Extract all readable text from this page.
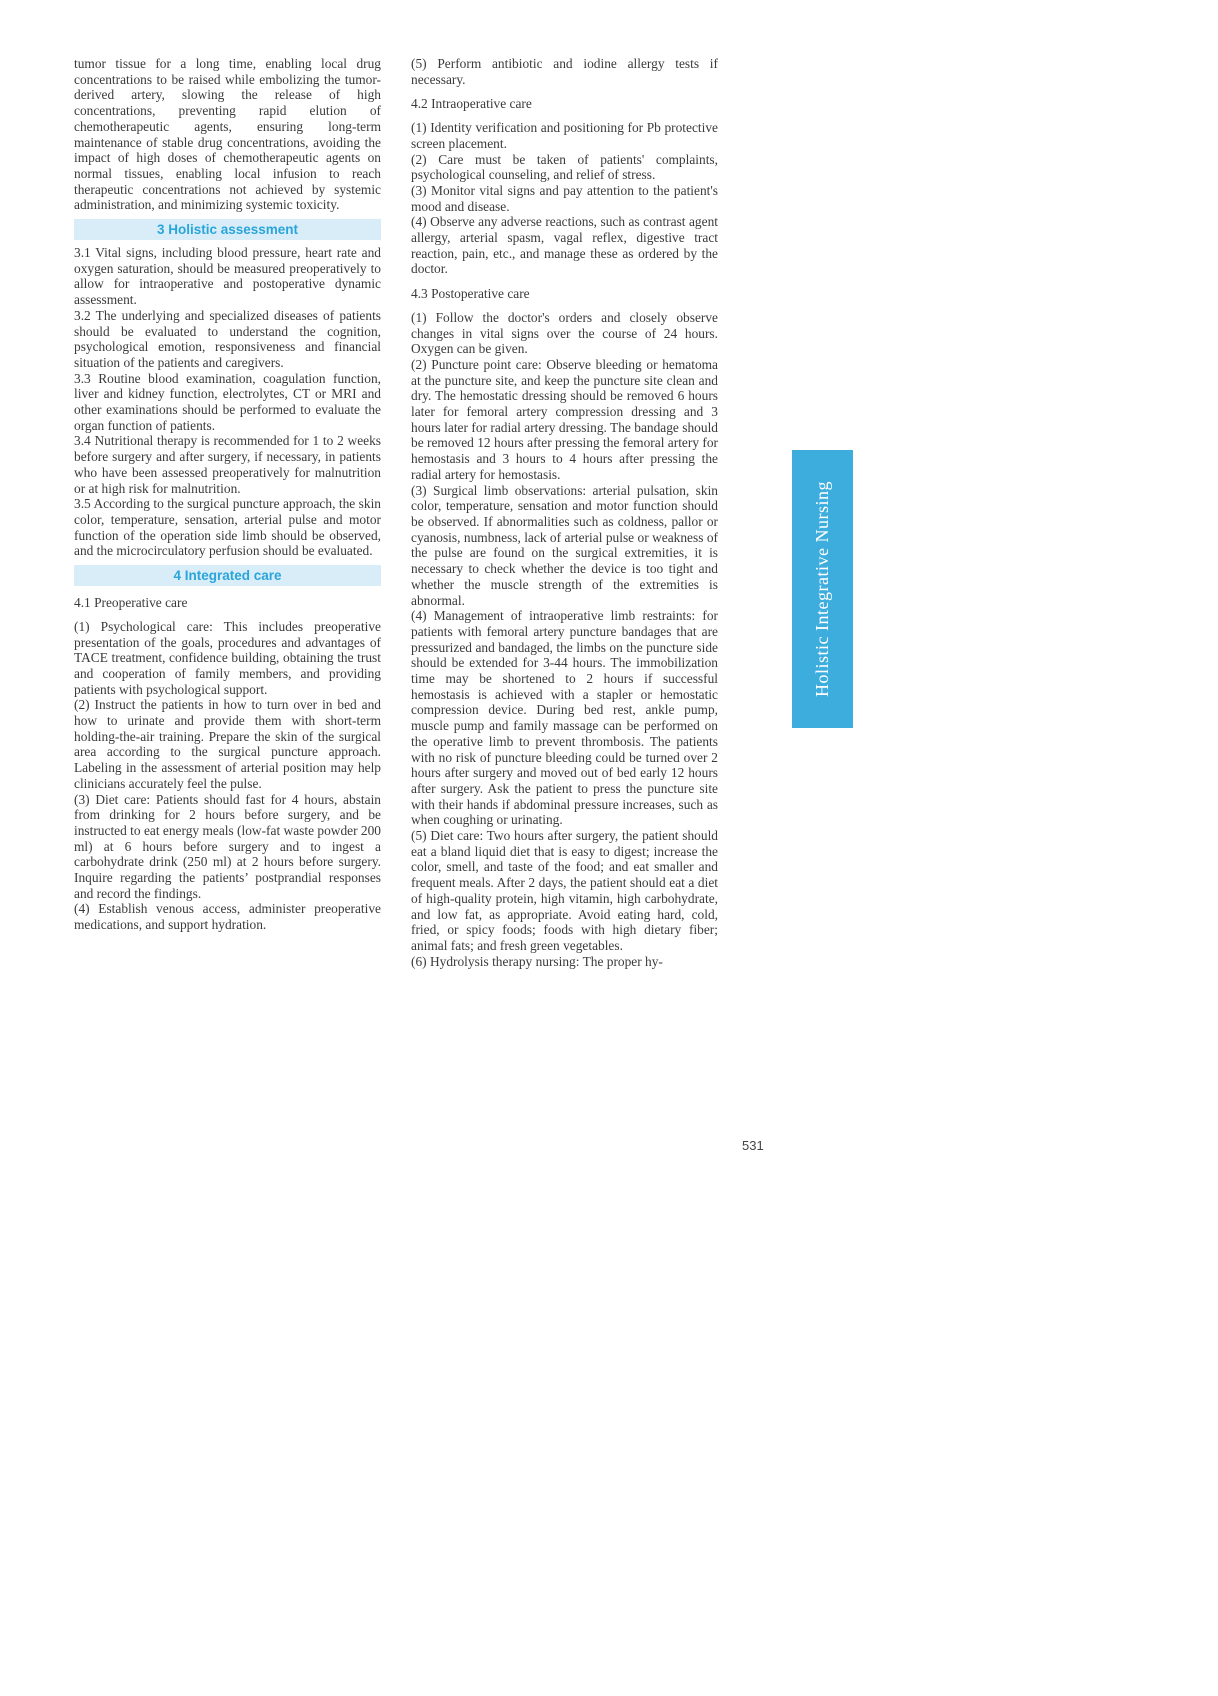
tumor tissue for a long time, enabling local drug concentrations to be raised while embolizing the tumor-derived artery, slowing the release of high concentrations, preventing rapid elution of chemotherapeutic agents, ensuring long-term maintenance of stable drug concentrations, avoiding the impact of high doses of chemotherapeutic agents on normal tissues, enabling local infusion to reach therapeutic concentrations not achieved by systemic administration, and minimizing systemic toxicity.

3 Holistic assessment

3.1 Vital signs, including blood pressure, heart rate and oxygen saturation, should be measured preoperatively to allow for intraoperative and postoperative dynamic assessment.

3.2 The underlying and specialized diseases of patients should be evaluated to understand the cognition, psychological emotion, responsiveness and financial situation of the patients and caregivers.

3.3 Routine blood examination, coagulation function, liver and kidney function, electrolytes, CT or MRI and other examinations should be performed to evaluate the organ function of patients.

3.4 Nutritional therapy is recommended for 1 to 2 weeks before surgery and after surgery, if necessary, in patients who have been assessed preoperatively for malnutrition or at high risk for malnutrition.

3.5 According to the surgical puncture approach, the skin color, temperature, sensation, arterial pulse and motor function of the operation side limb should be observed, and the microcirculatory perfusion should be evaluated.

4 Integrated care

4.1 Preoperative care

(1) Psychological care: This includes preoperative presentation of the goals, procedures and advantages of TACE treatment, confidence building, obtaining the trust and cooperation of family members, and providing patients with psychological support.

(2) Instruct the patients in how to turn over in bed and how to urinate and provide them with short-term holding-the-air training. Prepare the skin of the surgical area according to the surgical puncture approach. Labeling in the assessment of arterial position may help clinicians accurately feel the pulse.

(3) Diet care: Patients should fast for 4 hours, abstain from drinking for 2 hours before surgery, and be instructed to eat energy meals (low-fat waste powder 200 ml) at 6 hours before surgery and to ingest a carbohydrate drink (250 ml) at 2 hours before surgery. Inquire regarding the patients’ postprandial responses and record the findings.

(4) Establish venous access, administer preoperative medications, and support hydration.

(5) Perform antibiotic and iodine allergy tests if necessary.

4.2 Intraoperative care

(1) Identity verification and positioning for Pb protective screen placement.

(2) Care must be taken of patients' complaints, psychological counseling, and relief of stress.

(3) Monitor vital signs and pay attention to the patient's mood and disease.

(4) Observe any adverse reactions, such as contrast agent allergy, arterial spasm, vagal reflex, digestive tract reaction, pain, etc., and manage these as ordered by the doctor.

4.3 Postoperative care

(1) Follow the doctor's orders and closely observe changes in vital signs over the course of 24 hours. Oxygen can be given.

(2) Puncture point care: Observe bleeding or hematoma at the puncture site, and keep the puncture site clean and dry. The hemostatic dressing should be removed 6 hours later for femoral artery compression dressing and 3 hours later for radial artery dressing. The bandage should be removed 12 hours after pressing the femoral artery for hemostasis and 3 hours to 4 hours after pressing the radial artery for hemostasis.

(3) Surgical limb observations: arterial pulsation, skin color, temperature, sensation and motor function should be observed. If abnormalities such as coldness, pallor or cyanosis, numbness, lack of arterial pulse or weakness of the pulse are found on the surgical extremities, it is necessary to check whether the device is too tight and whether the muscle strength of the extremities is abnormal.

(4) Management of intraoperative limb restraints: for patients with femoral artery puncture bandages that are pressurized and bandaged, the limbs on the puncture side should be extended for 3-44 hours. The immobilization time may be shortened to 2 hours if successful hemostasis is achieved with a stapler or hemostatic compression device. During bed rest, ankle pump, muscle pump and family massage can be performed on the operative limb to prevent thrombosis. The patients with no risk of puncture bleeding could be turned over 2 hours after surgery and moved out of bed early 12 hours after surgery. Ask the patient to press the puncture site with their hands if abdominal pressure increases, such as when coughing or urinating.

(5) Diet care: Two hours after surgery, the patient should eat a bland liquid diet that is easy to digest; increase the color, smell, and taste of the food; and eat smaller and frequent meals. After 2 days, the patient should eat a diet of high-quality protein, high vitamin, high carbohydrate, and low fat, as appropriate. Avoid eating hard, cold, fried, or spicy foods; foods with high dietary fiber; animal fats; and fresh green vegetables.

(6) Hydrolysis therapy nursing: The proper hy-

Holistic Integrative Nursing
531
